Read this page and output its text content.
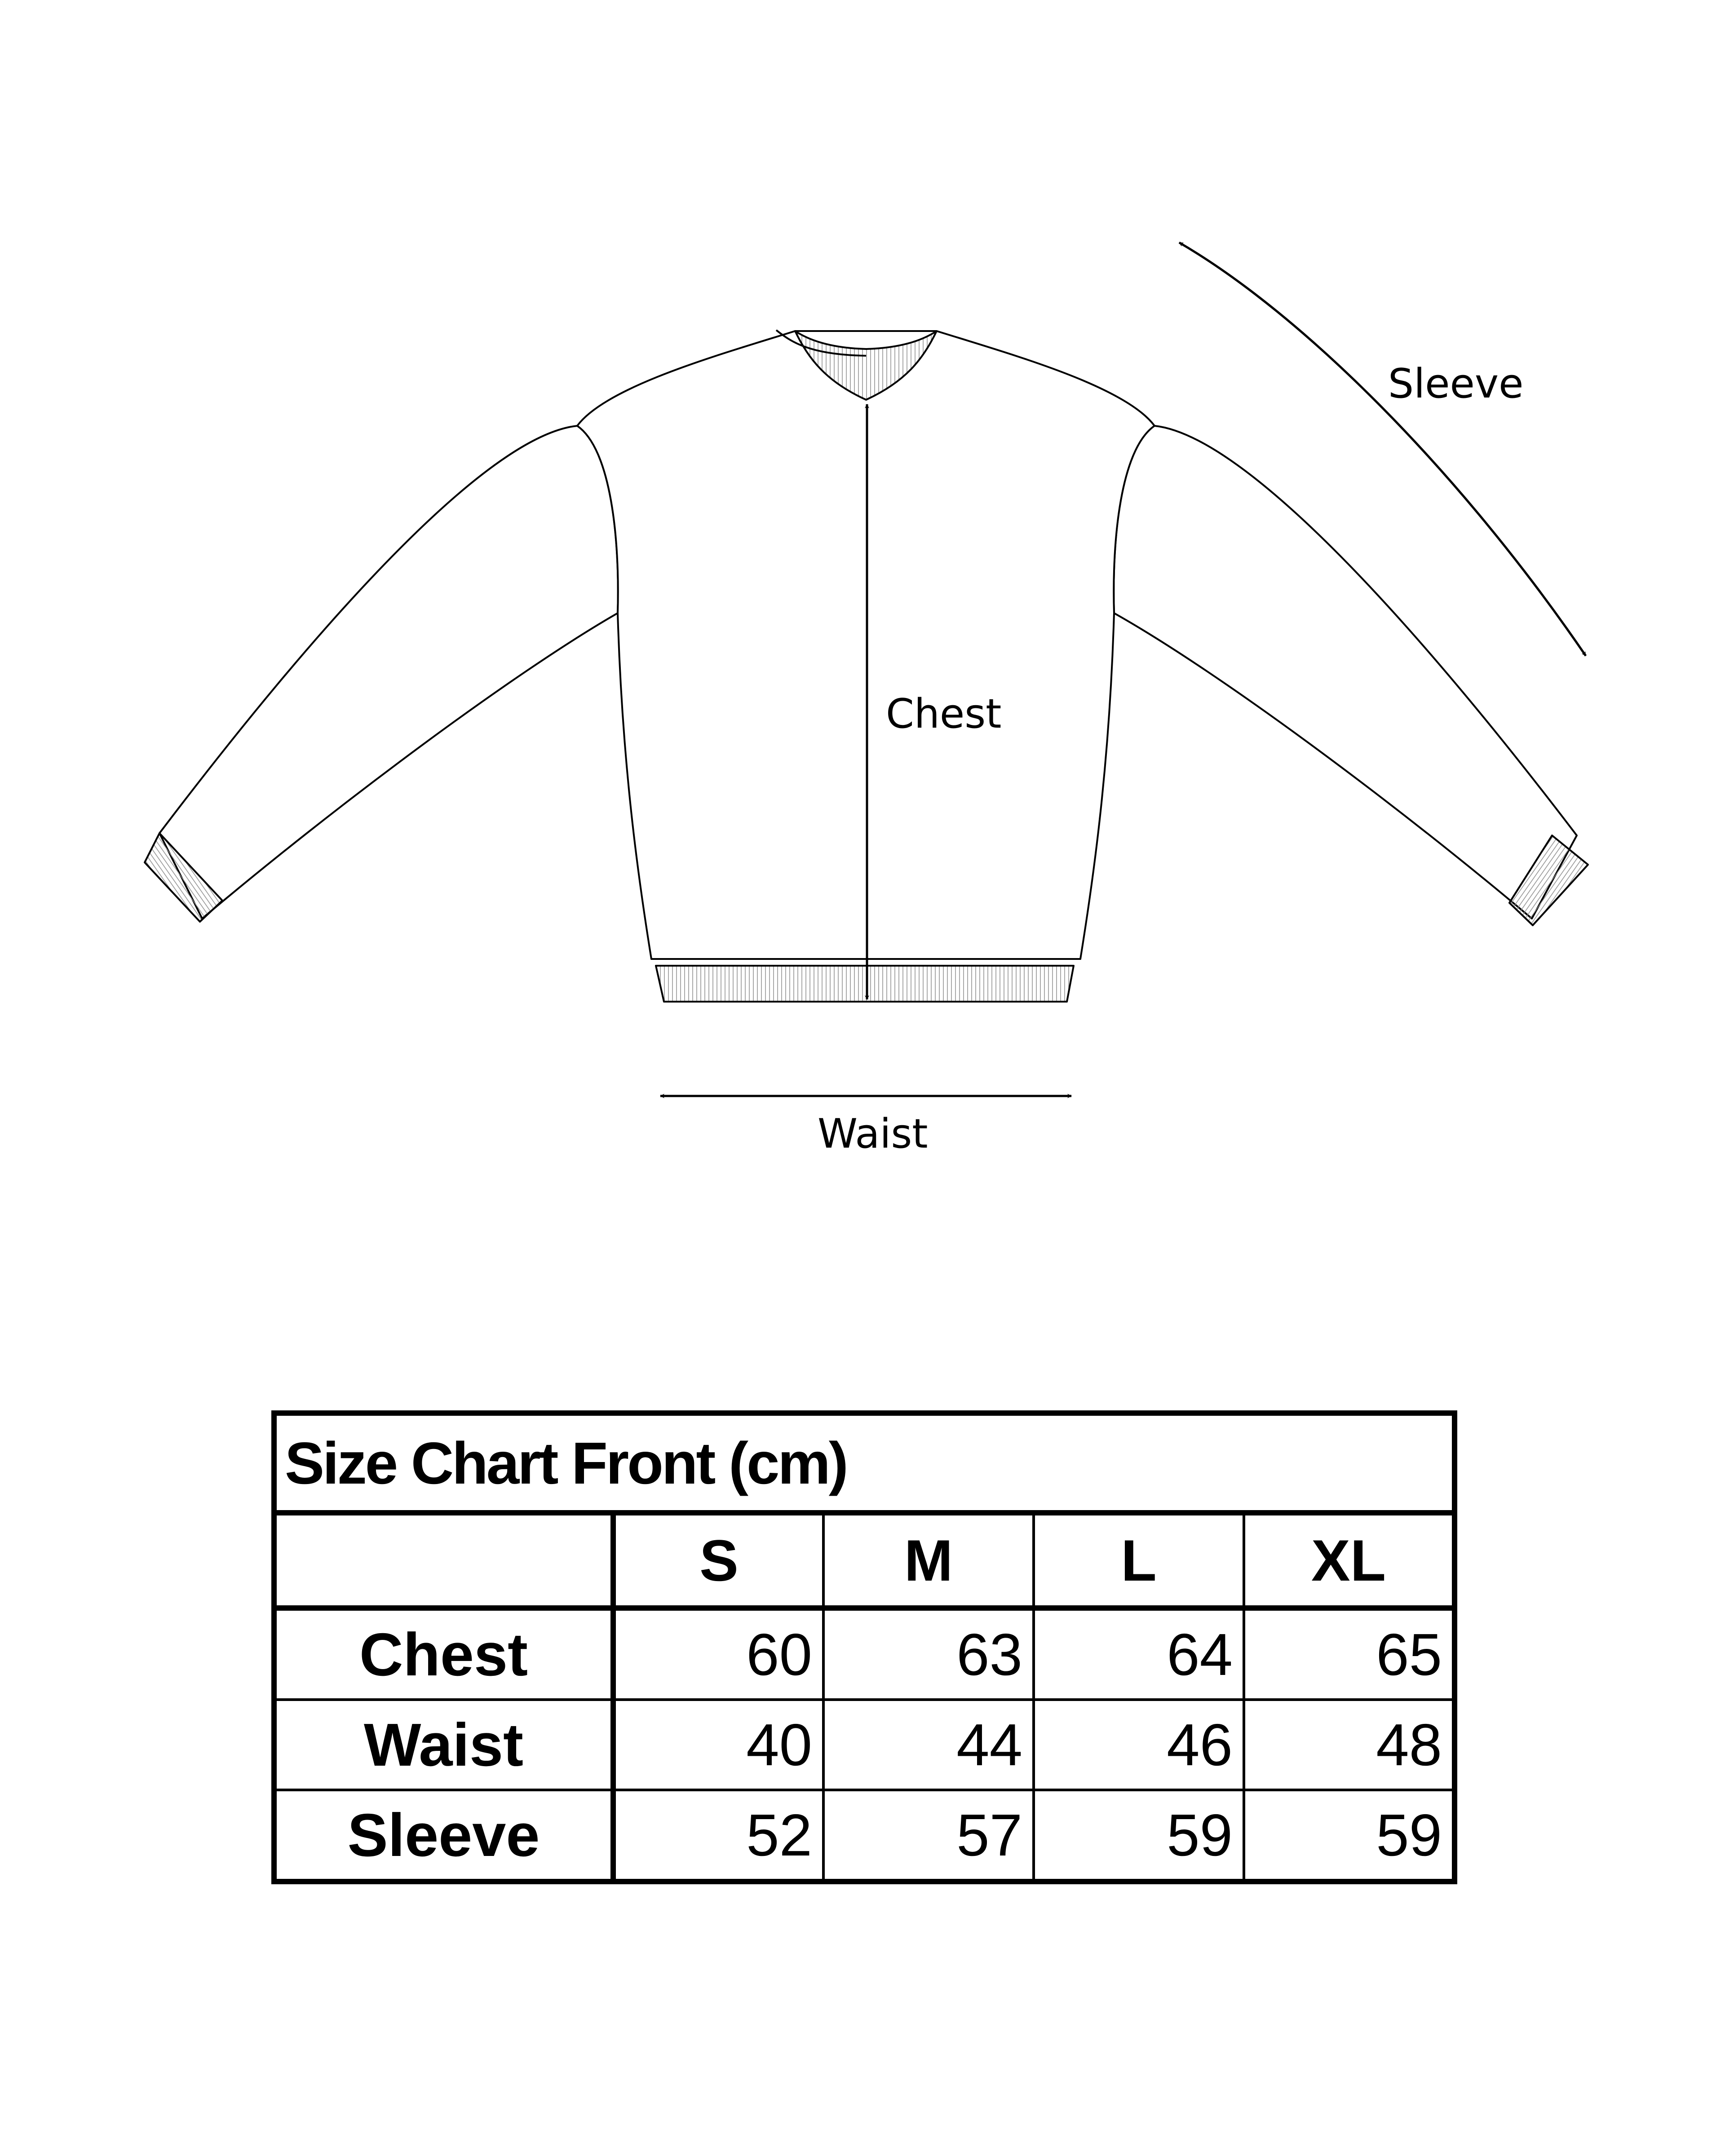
Sleeve
Chest
Waist
Size Chart Front (cm)				
	S	M	L	XL
Chest	60	63	64	65
Waist	40	44	46	48
Sleeve	52	57	59	59
